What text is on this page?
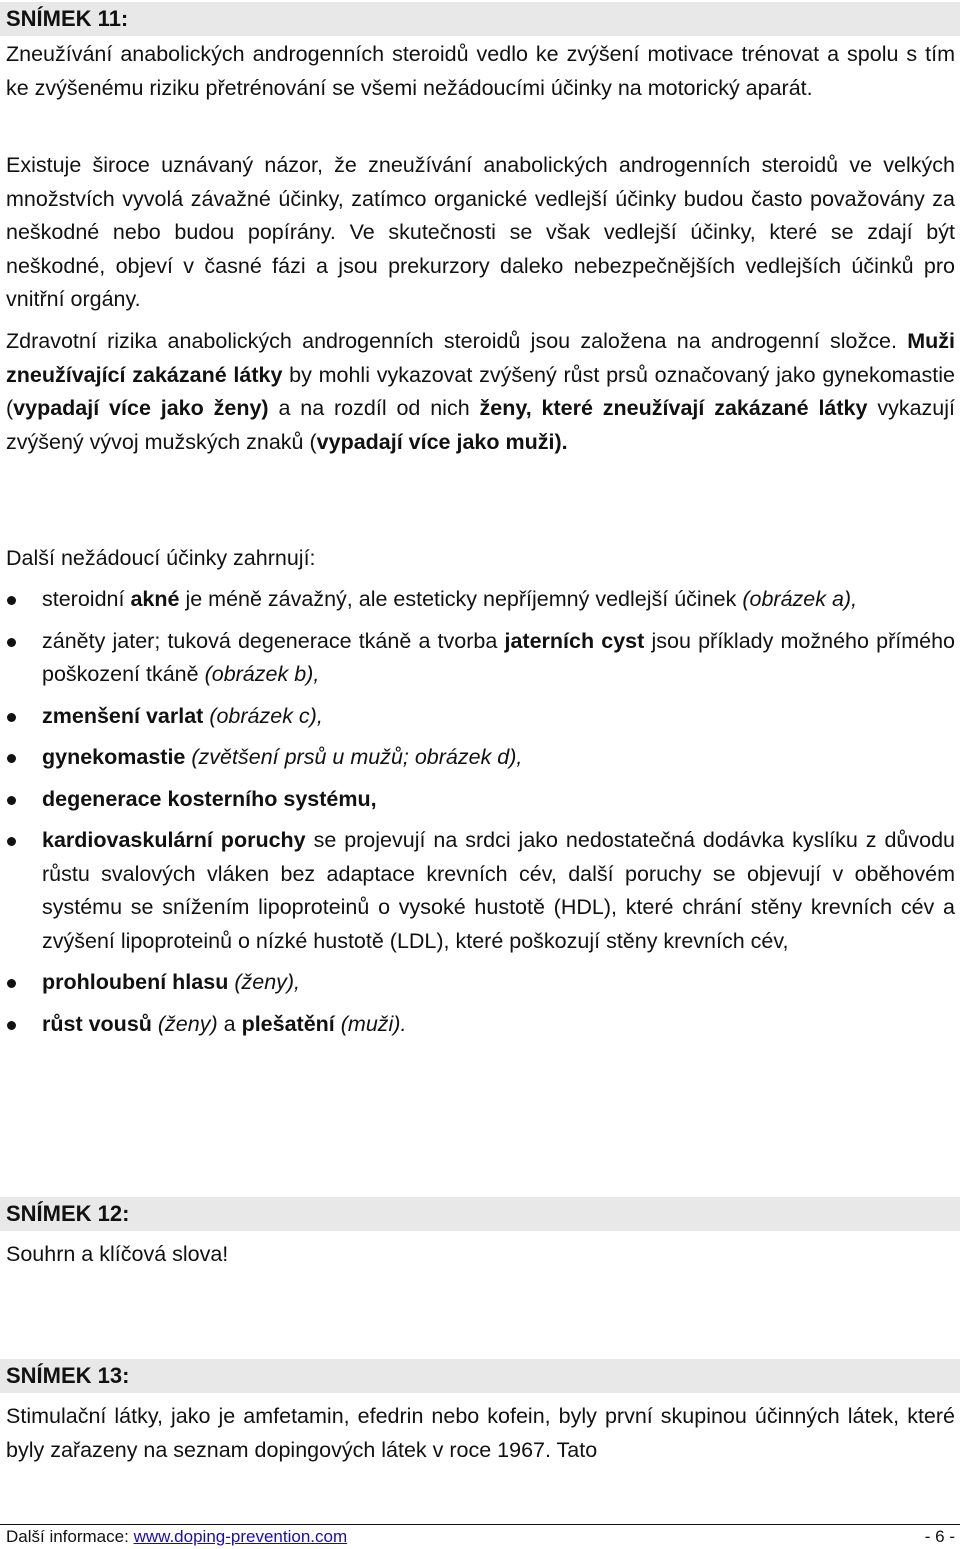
SNÍMEK 11:

Zneužívání anabolických androgenních steroidů vedlo ke zvýšení motivace trénovat a spolu s tím ke zvýšenému riziku přetrénování se všemi nežádoucími účinky na motorický aparát.

Existuje široce uznávaný názor, že zneužívání anabolických androgenních steroidů ve velkých množstvích vyvolá závažné účinky, zatímco organické vedlejší účinky budou často považovány za neškodné nebo budou popírány. Ve skutečnosti se však vedlejší účinky, které se zdají být neškodné, objeví v časné fázi a jsou prekurzory daleko nebezpečnějších vedlejších účinků pro vnitřní orgány.

Zdravotní rizika anabolických androgenních steroidů jsou založena na androgenní složce. Muži zneužívající zakázané látky by mohli vykazovat zvýšený růst prsů označovaný jako gynekomastie (vypadají více jako ženy) a na rozdíl od nich ženy, které zneužívají zakázané látky vykazují zvýšený vývoj mužských znaků (vypadají více jako muži).

Další nežádoucí účinky zahrnují:

steroidní akné je méně závažný, ale esteticky nepříjemný vedlejší účinek (obrázek a),
záněty jater; tuková degenerace tkáně a tvorba jaterních cyst jsou příklady možného přímého poškození tkáně (obrázek b),
zmenšení varlat (obrázek c),
gynekomastie (zvětšení prsů u mužů; obrázek d),
degenerace kosterního systému,
kardiovaskulární poruchy se projevují na srdci jako nedostatečná dodávka kyslíku z důvodu růstu svalových vláken bez adaptace krevních cév, další poruchy se objevují v oběhovém systému se snížením lipoproteinů o vysoké hustotě (HDL), které chrání stěny krevních cév a zvýšení lipoproteinů o nízké hustotě (LDL), které poškozují stěny krevních cév,
prohloubení hlasu (ženy),
růst vousů (ženy) a plešatění (muži).
SNÍMEK 12:

Souhrn a klíčová slova!

SNÍMEK 13:

Stimulační látky, jako je amfetamin, efedrin nebo kofein, byly první skupinou účinných látek, které byly zařazeny na seznam dopingových látek v roce 1967. Tato

Další informace: www.doping-prevention.com	- 6 -
